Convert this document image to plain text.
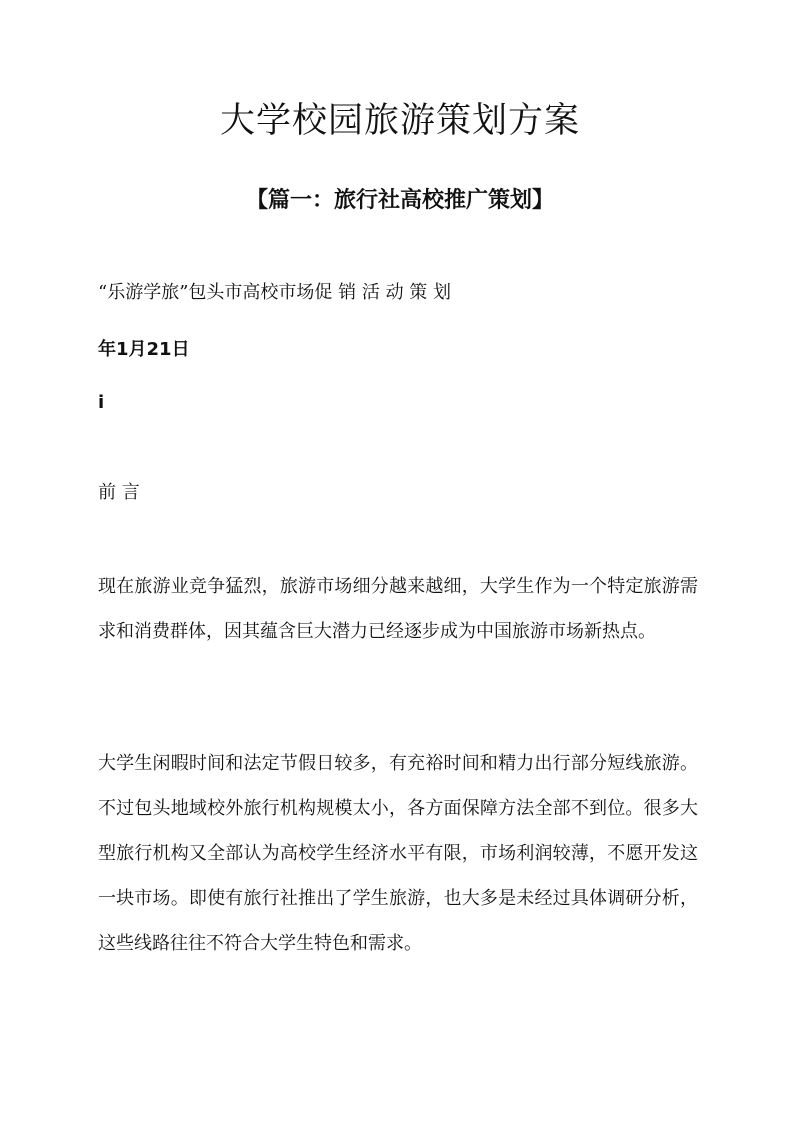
大学校园旅游策划方案
【篇一：旅行社高校推广策划】

“乐游学旅”包头市高校市场促 销 活 动 策 划

年1月21日

i

前 言

现在旅游业竞争猛烈，旅游市场细分越来越细，大学生作为一个特定旅游需求和消费群体，因其蕴含巨大潜力已经逐步成为中国旅游市场新热点。

大学生闲暇时间和法定节假日较多，有充裕时间和精力出行部分短线旅游。不过包头地域校外旅行机构规模太小，各方面保障方法全部不到位。很多大型旅行机构又全部认为高校学生经济水平有限，市场利润较薄，不愿开发这一块市场。即使有旅行社推出了学生旅游，也大多是未经过具体调研分析，这些线路往往不符合大学生特色和需求。
